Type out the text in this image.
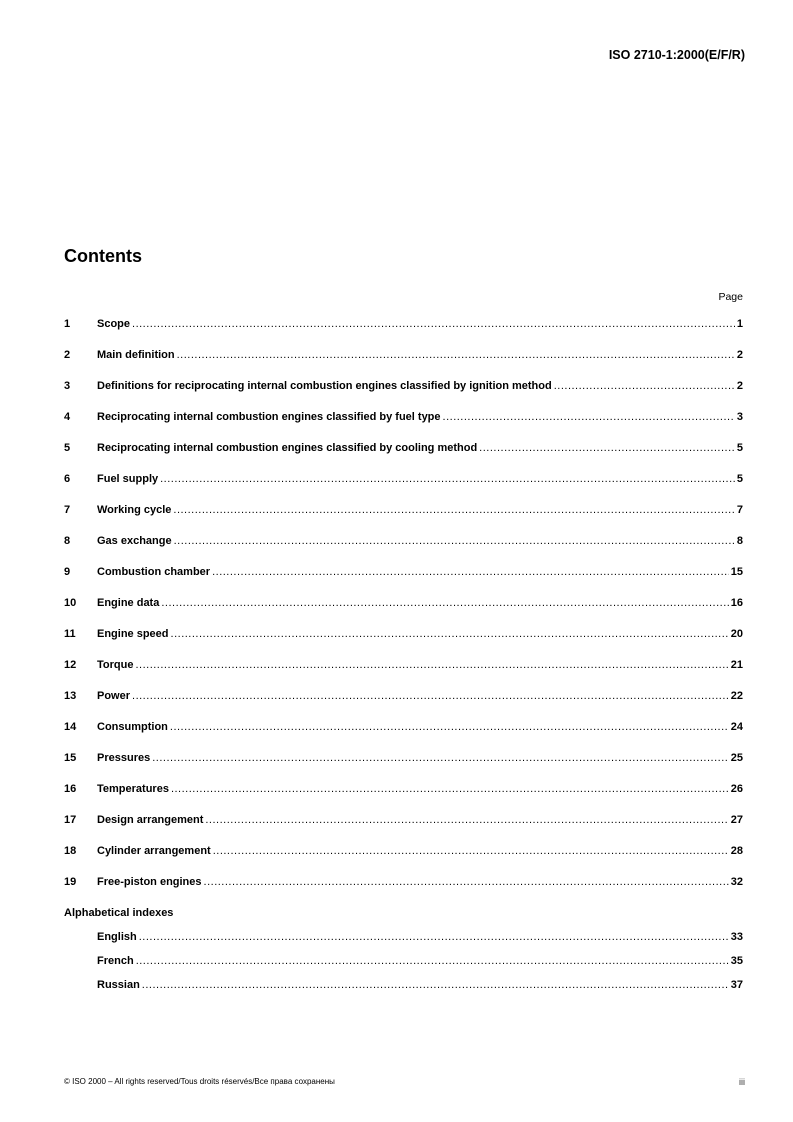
ISO 2710-1:2000(E/F/R)
Contents
Page
1	Scope .....	1
2	Main definition .....	2
3	Definitions for reciprocating internal combustion engines classified by ignition method .....	2
4	Reciprocating internal combustion engines classified by fuel type .....	3
5	Reciprocating internal combustion engines classified by cooling method .....	5
6	Fuel supply .....	5
7	Working cycle .....	7
8	Gas exchange .....	8
9	Combustion chamber .....	15
10	Engine data .....	16
11	Engine speed .....	20
12	Torque .....	21
13	Power .....	22
14	Consumption .....	24
15	Pressures .....	25
16	Temperatures .....	26
17	Design arrangement .....	27
18	Cylinder arrangement .....	28
19	Free-piston engines .....	32
Alphabetical indexes
English .....	33
French .....	35
Russian .....	37
© ISO 2000 – All rights reserved/Tous droits réservés/Все права сохранены	iii
